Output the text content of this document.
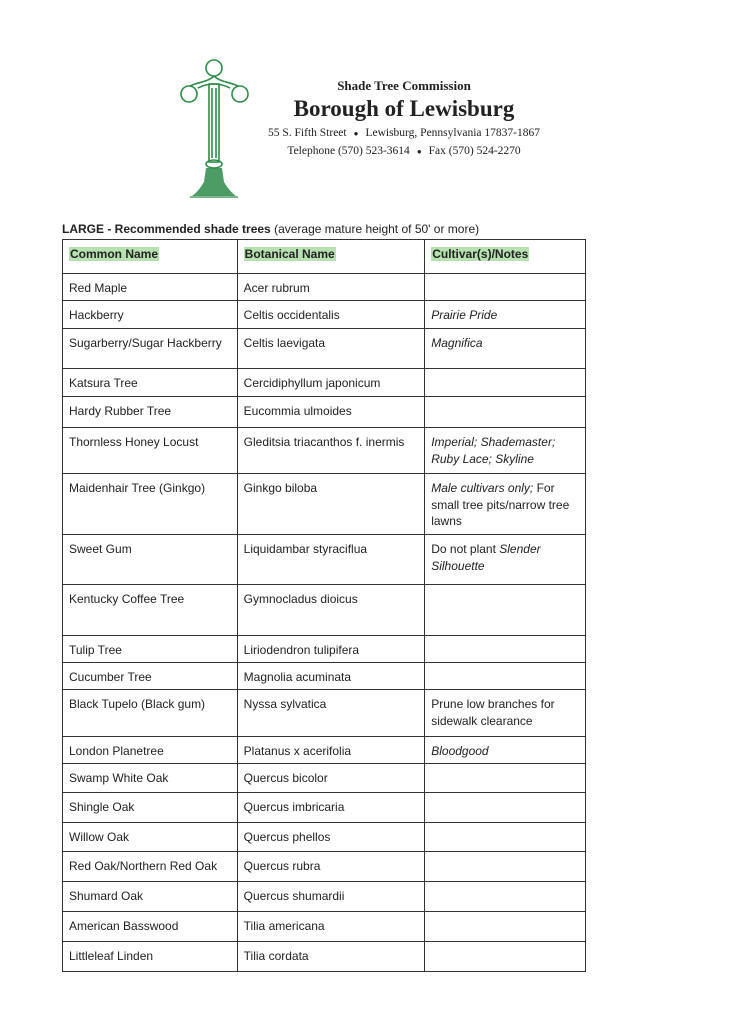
Shade Tree Commission
Borough of Lewisburg
55 S. Fifth Street ● Lewisburg, Pennsylvania 17837-1867
Telephone (570) 523-3614 ● Fax (570) 524-2270
LARGE - Recommended shade trees (average mature height of 50' or more)
Common Name	Botanical Name	Cultivar(s)/Notes
Red Maple	Acer rubrum	
Hackberry	Celtis occidentalis	Prairie Pride
Sugarberry/Sugar Hackberry	Celtis laevigata	Magnifica
Katsura Tree	Cercidiphyllum japonicum	
Hardy Rubber Tree	Eucommia ulmoides	
Thornless Honey Locust	Gleditsia triacanthos f. inermis	Imperial; Shademaster; Ruby Lace; Skyline
Maidenhair Tree (Ginkgo)	Ginkgo biloba	Male cultivars only; For small tree pits/narrow tree lawns
Sweet Gum	Liquidambar styraciflua	Do not plant Slender Silhouette
Kentucky Coffee Tree	Gymnocladus dioicus	
Tulip Tree	Liriodendron tulipifera	
Cucumber Tree	Magnolia acuminata	
Black Tupelo (Black gum)	Nyssa sylvatica	Prune low branches for sidewalk clearance
London Planetree	Platanus x acerifolia	Bloodgood
Swamp White Oak	Quercus bicolor	
Shingle Oak	Quercus imbricaria	
Willow Oak	Quercus phellos	
Red Oak/Northern Red Oak	Quercus rubra	
Shumard Oak	Quercus shumardii	
American Basswood	Tilia americana	
Littleleaf Linden	Tilia cordata	
